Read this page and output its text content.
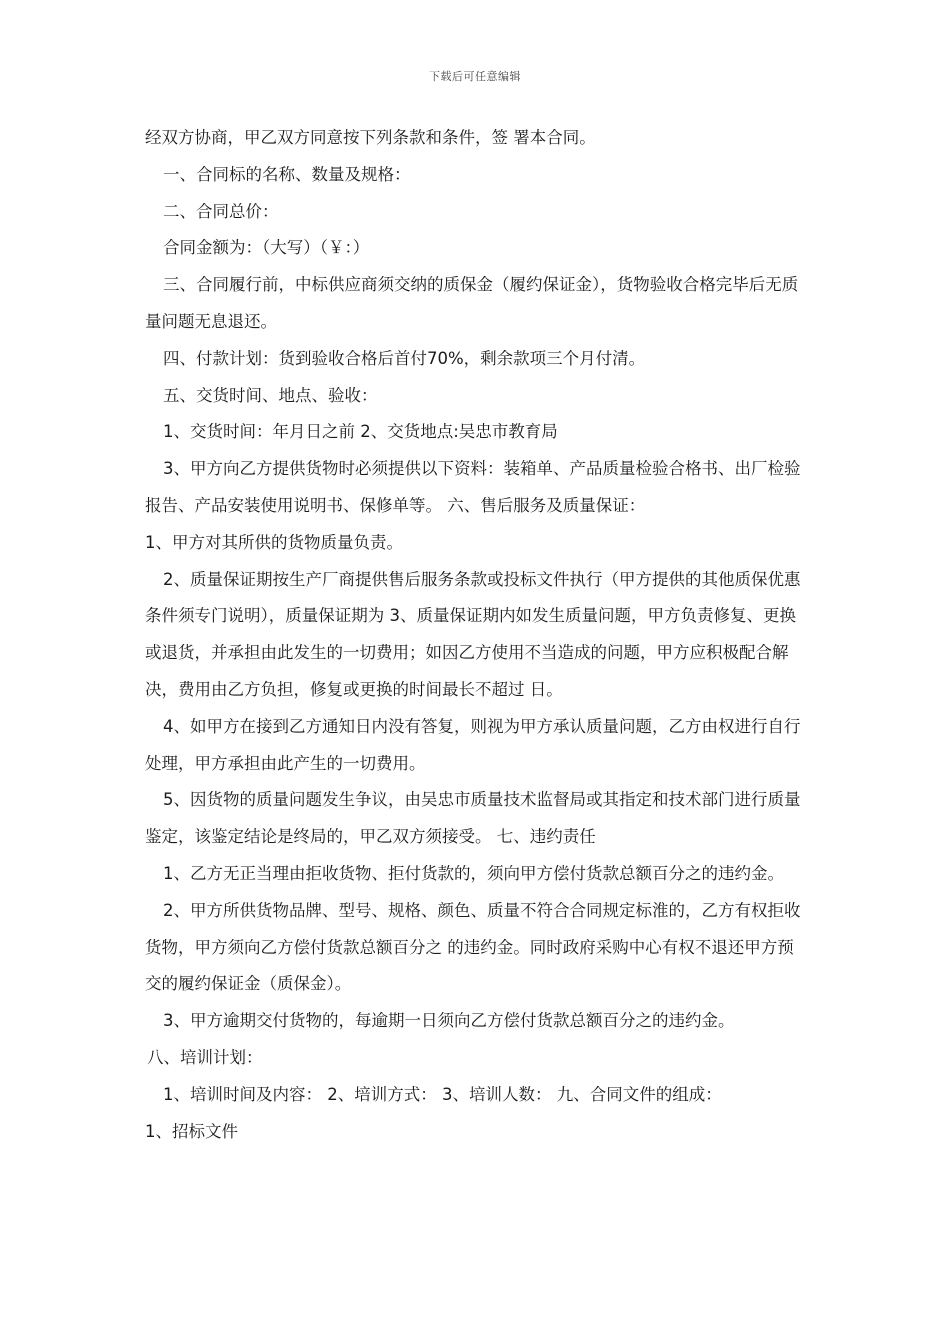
下载后可任意编辑

经双方协商，甲乙双方同意按下列条款和条件，签 署本合同。

一、合同标的名称、数量及规格：

二、合同总价：

合同金额为：（大写）（￥：）

三、合同履行前，中标供应商须交纳的质保金（履约保证金），货物验收合格完毕后无质量问题无息退还。

四、付款计划：货到验收合格后首付70%，剩余款项三个月付清。

五、交货时间、地点、验收：

1、交货时间：年月日之前 2、交货地点:吴忠市教育局

3、甲方向乙方提供货物时必须提供以下资料：装箱单、产品质量检验合格书、出厂检验报告、产品安装使用说明书、保修单等。 六、售后服务及质量保证：

1、甲方对其所供的货物质量负责。

2、质量保证期按生产厂商提供售后服务条款或投标文件执行（甲方提供的其他质保优惠条件须专门说明），质量保证期为 3、质量保证期内如发生质量问题，甲方负责修复、更换或退货，并承担由此发生的一切费用；如因乙方使用不当造成的问题，甲方应积极配合解决，费用由乙方负担，修复或更换的时间最长不超过 日。

4、如甲方在接到乙方通知日内没有答复，则视为甲方承认质量问题，乙方由权进行自行处理，甲方承担由此产生的一切费用。

5、因货物的质量问题发生争议，由吴忠市质量技术监督局或其指定和技术部门进行质量鉴定，该鉴定结论是终局的，甲乙双方须接受。 七、违约责任

1、乙方无正当理由拒收货物、拒付货款的，须向甲方偿付货款总额百分之的违约金。

2、甲方所供货物品牌、型号、规格、颜色、质量不符合合同规定标淮的，乙方有权拒收货物，甲方须向乙方偿付货款总额百分之 的违约金。同时政府采购中心有权不退还甲方预交的履约保证金（质保金）。

3、甲方逾期交付货物的，每逾期一日须向乙方偿付货款总额百分之的违约金。

八、培训计划：

1、培训时间及内容： 2、培训方式： 3、培训人数： 九、合同文件的组成：

1、招标文件
